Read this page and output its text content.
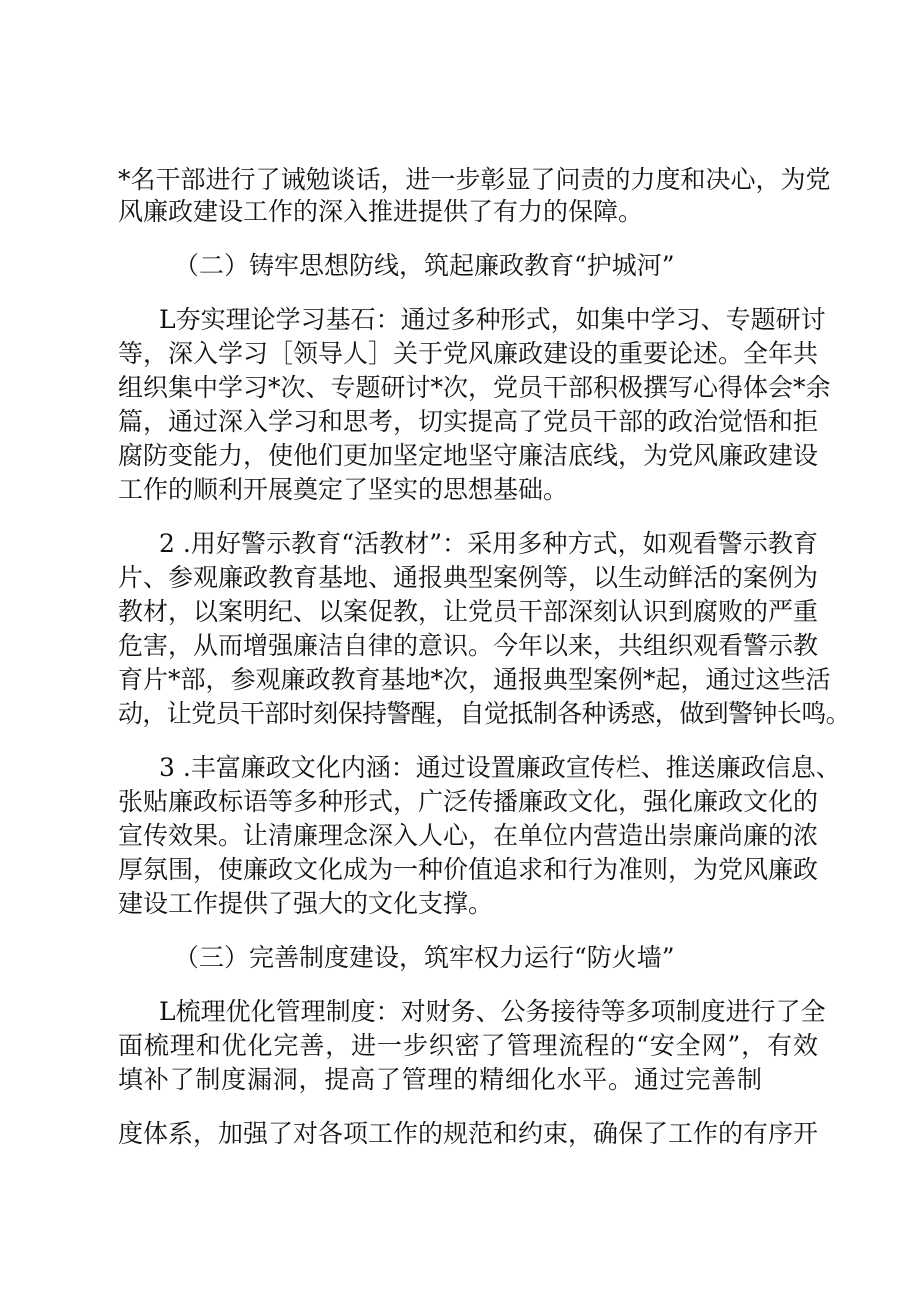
*名干部进行了诫勉谈话，进一步彰显了问责的力度和决心，为党

风廉政建设工作的深入推进提供了有力的保障。

（二）铸牢思想防线，筑起廉政教育“护城河”

L夯实理论学习基石：通过多种形式，如集中学习、专题研讨

等，深入学习［领导人］关于党风廉政建设的重要论述。全年共

组织集中学习*次、专题研讨*次，党员干部积极撰写心得体会*余

篇，通过深入学习和思考，切实提高了党员干部的政治觉悟和拒

腐防变能力，使他们更加坚定地坚守廉洁底线，为党风廉政建设

工作的顺利开展奠定了坚实的思想基础。

2 .用好警示教育“活教材”：采用多种方式，如观看警示教育

片、参观廉政教育基地、通报典型案例等，以生动鲜活的案例为

教材，以案明纪、以案促教，让党员干部深刻认识到腐败的严重

危害，从而增强廉洁自律的意识。今年以来，共组织观看警示教

育片*部，参观廉政教育基地*次，通报典型案例*起，通过这些活

动，让党员干部时刻保持警醒，自觉抵制各种诱惑，做到警钟长鸣。

3 .丰富廉政文化内涵：通过设置廉政宣传栏、推送廉政信息、

张贴廉政标语等多种形式，广泛传播廉政文化，强化廉政文化的

宣传效果。让清廉理念深入人心，在单位内营造出崇廉尚廉的浓

厚氛围，使廉政文化成为一种价值追求和行为准则，为党风廉政

建设工作提供了强大的文化支撑。

（三）完善制度建设，筑牢权力运行“防火墙”

L梳理优化管理制度：对财务、公务接待等多项制度进行了全

面梳理和优化完善，进一步织密了管理流程的“安全网”，有效

填补了制度漏洞，提高了管理的精细化水平。通过完善制

度体系，加强了对各项工作的规范和约束，确保了工作的有序开
